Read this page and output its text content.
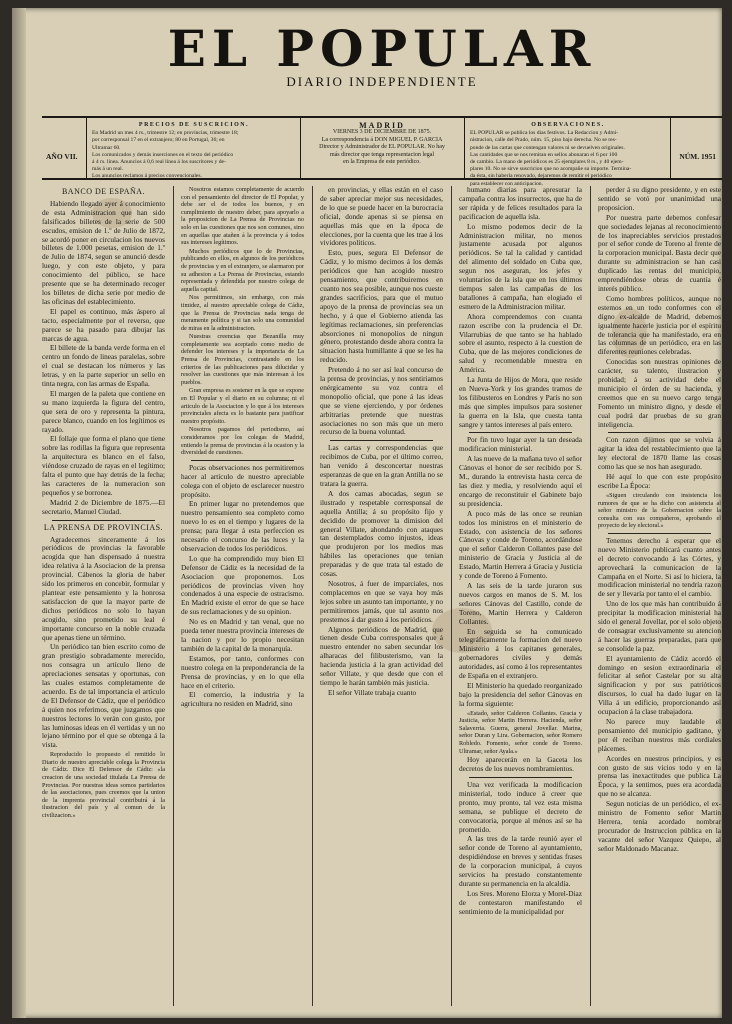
EL POPULAR
DIARIO INDEPENDIENTE
AÑO VII.
PRECIOS DE SUSCRICION.
En Madrid un mes 4 rs., trimestre 12; en provincias, trimestre 18;
por corresponsal 17 en el extranjero; 80 en Portugal, 36; en
Ultramar 60.
Los comunicados y demás inserciones en el texto del periódico
á 4 rs. línea. Anuncios á 0,6 real línea á los suscritores y de-
más á un real.
Los anuncios reclamos á precios convencionales.
MADRID
VIERNES 3 DE DICIEMBRE DE 1875.
La correspondencia á DON MIGUEL P. GARCIA
Director y Administrador de EL POPULAR. No hay
más director que tenga representacion legal
en la Empresa de este periódico.
OBSERVACIONES.
EL POPULAR se publica los dias festivos. La Redaccion y Admi-
nistracion, calle del Prado, núm. 15, piso bajo derecha. No se res-
ponde de las cartas que contengan valores ni se devuelven originales.
Las cantidades que se nos remitan en sellos abonaran el 6 por 100
de cambio. La mano de periódicos es 25 ejemplares 8 rs., y 40 ejem-
plares 10. No se sirve suscricion que no acompañe su importe. Termina-
da ésta, sin haberla renovado, dejaremos de remitir el periódico
para establecer con anticipacion.
NÚM. 1951

BANCO DE ESPAÑA.

Habiendo llegado ayer á conocimiento de esta Administracion que han sido falsificados billetes de la serie de 500 escudos, emision de 1.º de Julio de 1872, se acordó poner en circulacion los nuevos billetes de 1.000 pesetas, emision de 1.º de Julio de 1874, segun se anunció desde luego, y con este objeto, y para conocimiento del público, se hace presente que se ha determinado recoger los billetes de dicha serie por medio de las oficinas del establecimiento.

El papel es continuo, más áspero al tacto, especialmente por el reverso, que parece se ha pasado para dibujar las marcas de agua.

El billete de la banda verde forma en el centro un fondo de lineas paralelas, sobre el cual se destacan los números y las letras, y en la parte superior un sello en tinta negra, con las armas de España.

El margen de la paleta que contiene en su mano izquierda la figura del centro, que sera de oro y representa la pintura, parece blanco, cuando en los legítimos es rayado.

El follaje que forma el plano que tiene sobre las rodillas la figura que representa la arquitectura es blanco en el falso, viéndose cruzado de rayas en el legítimo; falta el punto que hay detrás de la fecha; las caracteres de la numeracion son pequeños y se borronea.

Madrid 2 de Diciembre de 1875.—El secretario, Manuel Ciudad.

LA PRENSA DE PROVINCIAS.

Agradecemos sinceramente á los periódicos de provincias la favorable acogida que han dispensado á nuestra idea relativa á la Asociacion de la prensa provincial. Cábenos la gloria de haber sido los primeros en concebir, formular y plantear este pensamiento y la honrosa satisfaccion de que la mayor parte de dichos periódicos no solo lo hayan acogido, sino prometido su leal é importante concurso en la noble cruzada que apenas tiene un término.

Un periódico tan bien escrito como de gran prestigio sobradamente merecido, nos consagra un artículo lleno de apreciaciones sensatas y oportunas, con las cuales estamos completamente de acuerdo. Es de tal importancia el artículo de El Defensor de Cádiz, que el periódico á quien nos referimos, que juzgamos que nuestros lectores lo verán con gusto, por las luminosas ideas en él vertidas y un no lejano término por el que se obtenga á la vista.

Reproducido lo propuesto el remitido lo Diario de nuestro apreciable colega la Provincia de Cádiz. Dice El Defensor de Cádiz: «la creacion de una sociedad titulada La Prensa de Provincias. Por nuestras ideas somos partidarios de las asociaciones, pues creemos que la union de la imprenta provincial contribuirá á la ilustracion del país y al comun de la civilizacion.»

Nosotros estamos completamente de acuerdo con el pensamiento del director de El Popular, y debe ser el de todos los buenos, y en cumplimiento de nuestro deber, para apoyarlo a la proposicion de La Prensa de Provincias no solo en las cuestiones que nos son comunes, sino en aquellas que atañen á la provincia y á todos sus intereses legítimos.

Muchos periódicos que lo de Provincias, publicando en ellos, en algunos de los periódicos de provincias y en el extranjero, se alarmaron por su adhesion a La Prensa de Provincias, estando representada y defendida por nuestro colega de aquella capital.

Nos permitimos, sin embargo, con más timidez, al nuestro apreciable colega de Cádiz, que la Prensa de Provincias nada tenga de meramente política y si tan solo una comunidad de miras en la administracion.

Nuestras creencias que Bezanilla muy completamente sea aceptado como medio de defender los intereses y la importancia de La Prensa de Provincias, contrastando en los criterios de las publicaciones para dilucidar y resolver las cuestiones que más interesan á los pueblos.

Gran empresa es sostener en la que se expone en El Popular y el diario en su columna; ni el articulo de la Asociacion y lo que á los intereses provinciales afecta es lo bastante para justificar nuestro propósito.

Nosotros pagamos del periodismo, así consideramos por los colegas de Madrid, entiendo la prensa de provincias á la ocasion y la diversidad de cuestiones.

Pocas observaciones nos permitiremos hacer al artículo de nuestro apreciable colega con el objeto de esclarecer nuestro propósito.

En primer lugar no pretendemos que nuestro pensamiento sea completo como nuevo lo es en el tiempo y lugares de la prensa; para llegar á esta perfeccion es necesario el concurso de las luces y la observacion de todos los periódicos.

Lo que ha comprendido muy bien El Defensor de Cádiz es la necesidad de la Asociacion que proponemos. Los periódicos de provincias viven hoy condenados á una especie de ostracismo. En Madrid existe el error de que se hace de sus reclamaciones y de su opinion.

No es en Madrid y tan venal, que no pueda tener nuestra provincia intereses de la nacion y por lo propio necesitan también de la capital de la monarquía.

Estamos, por tanto, conformes con nuestro colega en la preponderancia de la Prensa de provincias, y en lo que ella hace en el criterio.

El comercio, la industria y la agricultura no residen en Madrid, sino

en provincias, y ellas están en el caso de saber apreciar mejor sus necesidades, de lo que se puede hacer en la burocracia oficial, donde apenas si se piensa en aquellas más que en la época de elecciones, por la cuenta que les trae á los vividores políticos.

Esto, pues, segura El Defensor de Cádiz, y lo mismo decimos á los demás periódicos que han acogido nuestro pensamiento, que contribuiremos en cuanto nos sea posible, aunque nos cueste grandes sacrificios, para que el mutuo apoyo de la prensa de provincias sea un hecho, y á que el Gobierno atienda las legítimas reclamaciones, sin preferencias absorciones ni monopolios de ningun género, protestando desde ahora contra la situacion hasta humillante á que se les ha reducido.

Pretendo á no ser así leal concurso de la prensa de provincias, y nos sentiriamos enérgicamente su voz contra el monopolio oficial, que pone á las ideas que se viene ejerciendo, y por órdenes arbitrarias pretende que nuestras asociaciones no son más que un mero recurso de la buena voluntad.

Las cartas y correspondencias que recibimos de Cuba, por el último correo, han venido á desconcertar nuestras esperanzas de que en la gran Antilla no se tratara la guerra.

A dos camas abocadas, segun se ilustrado y respetable corresponsal de aquella Antilla; á su propósito fijo y decidido de promover la dimision del general Villate, ahondando con ataques tan destemplados como injustos, ideas que produjeron por los medios mas hábiles las operaciones que tenian preparadas y de que trata tal estado de cosas.

Nosotros, á fuer de imparciales, nos complacemos en que se vaya hoy más lejos sobre un asunto tan importante, y no permitiremos jamás, que tal asunto nos prestemos á dar gusto á los periódicos.

Algunos periódicos de Madrid, que tienen desde Cuba corresponsales que á nuestro entender no saben secundar los alharacas del filibusterismo, van la hacienda justicia á la gran actividad del señor Villate, y que desde que con el tiempo le harán también más justicia.

El señor Villate trabaja cuanto

humano diarias para apresurar la campaña contra los insurrectos, que ha de ser rápida y de felices resultados para la pacificacion de aquella isla.

Lo mismo podemos decir de la Administracion militar, no menos justamente acusada por algunos periódicos. Se tal la calidad y cantidad del alimento del soldado en Cuba que, segun nos aseguran, los jefes y voluntarios de la isla que en los últimos tiempos salen las campañas de los batallones á campaña, han elogiado el esmero de la Administracion militar.

Ahora comprendemos con cuanta razon escribe con la prudencia el Dr. Vilarrubias de que tanto se ha hablado sobre el asunto, respecto á la cuestion de Cuba, que de las mejores condiciones de salud y recomendable muestra en América.

La Junta de Hijos de Mora, que reside en Nueva-York y los grandes tramos de los filibusteros en Londres y París no son más que simples impulsos para sostener la guerra en la Isla, que cuesta tanta sangre y tantos intereses al país entero.

Por fin tuvo lugar ayer la tan deseada modificacion ministerial.

A las nueve de la mañana tuvo el señor Cánovas el honor de ser recibido por S. M., durando la entrevista hasta cerca de las diez y media, y resolviendo aquí el encargo de reconstituir el Gabinete bajo su presidencia.

A poco más de las once se reunian todos los ministros en el ministerio de Estado, con asistencia de los señores Cánovas y conde de Toreno, acordándose que el señor Calderon Collantes pase del ministerio de Gracia y Justicia al de Estado, Martin Herrera á Gracia y Justicia y conde de Toreno á Fomento.

A las seis de la tarde juraron sus nuevos cargos en manos de S. M. los señores Cánovas del Castillo, conde de Toreno, Martin Herrera y Calderon Collantes.

En seguida se ha comunicado telegráficamente la formacion del nuevo Ministerio á los capitanes generales, gobernadores civiles y demás autoridades, así como á los representantes de España en el extranjero.

El Ministerio ha quedado reorganizado bajo la presidencia del señor Cánovas en la forma siguiente:

«Estado, señor Calderon Collantes. Gracia y Justicia, señor Martin Herrera. Hacienda, señor Salaverria. Guerra, general Jovellar. Marina, señor Duran y Lira. Gobernacion, señor Romero Robledo. Fomento, señor conde de Toreno. Ultramar, señor Ayala.»

Hoy aparecerán en la Gaceta los decretos de los nuevos nombramientos.

Una vez verificada la modificacion ministerial, todo induce á creer que pronto, muy pronto, tal vez esta misma semana, se publique el decreto de convocatoria, porque al ménos así se ha prometido.

A las tres de la tarde reunió ayer el señor conde de Toreno al ayuntamiento, despidiéndose en breves y sentidas frases de la corporacion municipal, á cuyos servicios ha prestado constantemente durante su permanencia en la alcaldía.

Los Sres. Moreno Elorza y Morel-Diaz de contestaron manifestando el sentimiento de la municipalidad por

perder á su digno presidente, y en este sentido se votó por unanimidad una proposicion.

Por nuestra parte debemos confesar que sociedades lejanas al reconocimiento de los inapreciables servicios prestados por el señor conde de Toreno al frente de la corporacion municipal. Basta decir que durante su administracion se han casi duplicado las rentas del municipio, emprendiéndose obras de cuantía é interés público.

Como hombres políticos, aunque no estemos en un todo conformes con el digno ex-alcalde de Madrid, debemos igualmente hacerle justicia por el espíritu de tolerancia que ha manifestado, era en las columnas de un periódico, era en las diferentes reuniones celebradas.

Conocidas son nuestras opiniones de carácter, su talento, ilustracion y probidad; á su actividad debe el municipio el órden de su hacienda, y creemos que en su nuevo cargo tenga Fomento un ministro digno, y desde el cual podrá dar pruebas de su gran inteligencia.

Con razon dijimos que se volvia á agitar la idea del restablecimiento que la ley electoral de 1870 llame las cosas como las que se nos han asegurado.

Hé aquí lo que con este propósito escribe La Época:

«Siguen circulando con insistencia los rumores de que se ha dicho con asistencia al señor ministro de la Gobernacion sobre la consulta con sus compañeros, aprobando el proyecto de ley electoral.»

Tenemos derecho á esperar que el nuevo Ministerio publicará cuanto antes el decreto convocando á las Córtes, y aprovechará la comunicacion de la Campaña en el Norte. Si así lo hiciera, la modificacion ministerial no tendría razon de ser y llevaría por tanto el el cambio.

Uno de los que más han contribuido á precipitar la modificacion ministerial ha sido el general Jovellar, por el solo objeto de consagrar exclusivamente su atencion á hacer las guerras preparadas, para que se consolide la paz.

El ayuntamiento de Cádiz acordó el domingo en sesion extraordinaria el felicitar al señor Castelar por su alta significacion y por sus patrióticos discursos, lo cual ha dado lugar en la Villa á un edificio, proporcionando así ocupacion á la clase trabajadora.

No parece muy laudable el pensamiento del municipio gaditano, y por él reciban nuestros más cordiales plácemes.

Acordes en nuestros principios, y es con gusto de sus vicios todo y en la prensa las inexactitudes que publica La Época, y la sentimos, pues era acordada que no se alcanza.

Segun noticias de un periódico, el ex-ministro de Fomento señor Martin Herrera, tenía acordado nombrar procurador de Instruccion pública en la vacante del señor Vazquez Quiepo, al señor Maldonado Macanaz.
